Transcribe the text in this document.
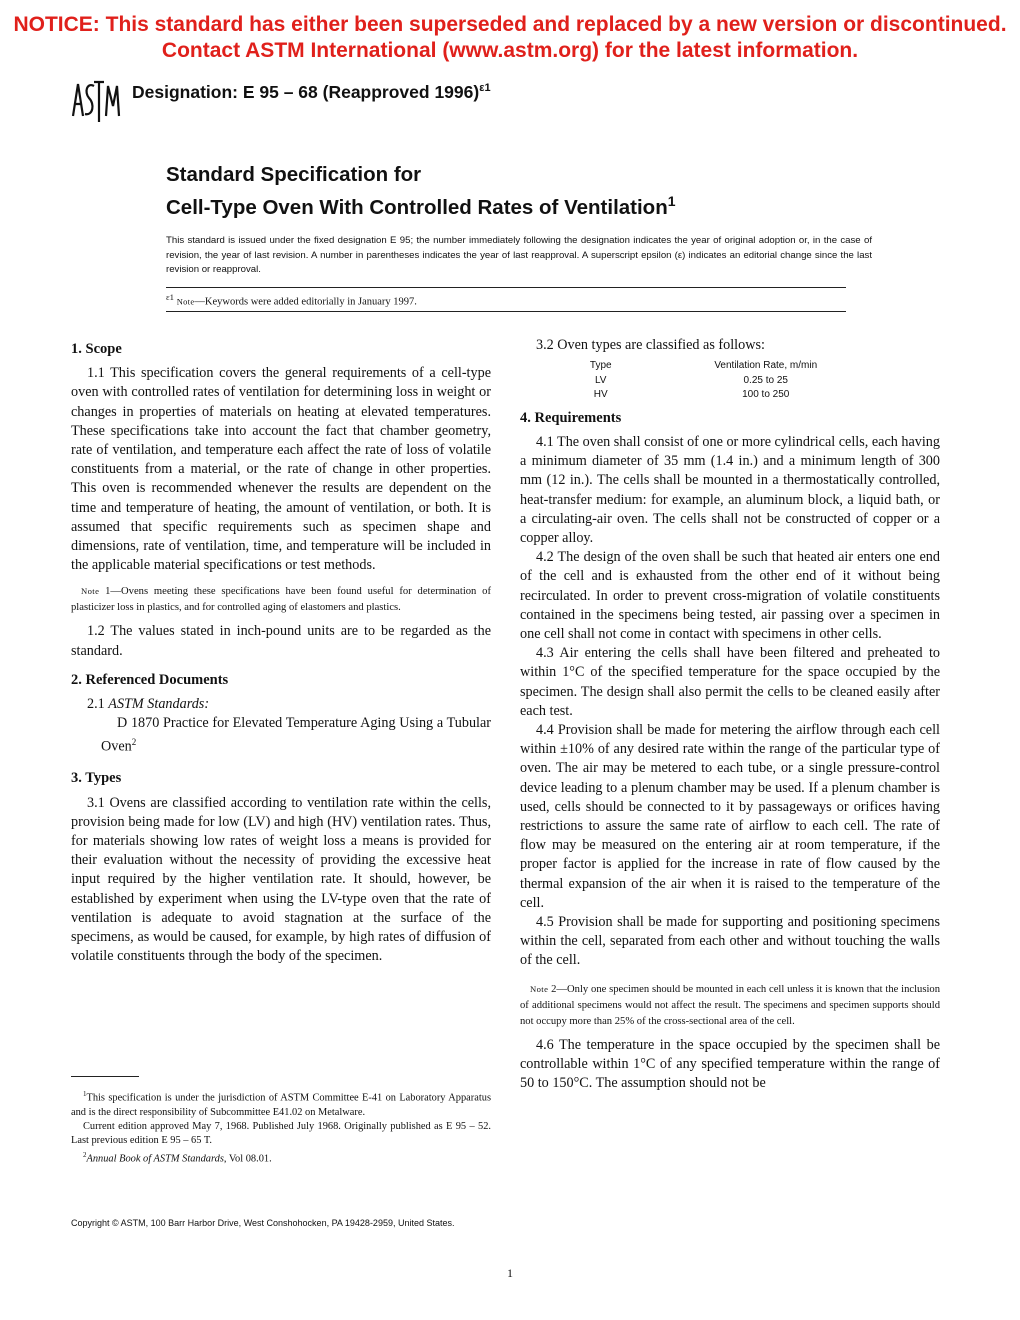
NOTICE: This standard has either been superseded and replaced by a new version or discontinued.
Contact ASTM International (www.astm.org) for the latest information.
Designation: E 95 – 68 (Reapproved 1996)$^{\varepsilon 1}$
Standard Specification for
Cell-Type Oven With Controlled Rates of Ventilation$^1$
This standard is issued under the fixed designation E 95; the number immediately following the designation indicates the year of original adoption or, in the case of revision, the year of last revision. A number in parentheses indicates the year of last reapproval. A superscript epsilon (ε) indicates an editorial change since the last revision or reapproval.
$^{\varepsilon 1}$ Note—Keywords were added editorially in January 1997.
1. Scope

1.1 This specification covers the general requirements of a cell-type oven with controlled rates of ventilation for determining loss in weight or changes in properties of materials on heating at elevated temperatures. These specifications take into account the fact that chamber geometry, rate of ventilation, and temperature each affect the rate of loss of volatile constituents from a material, or the rate of change in other properties. This oven is recommended whenever the results are dependent on the time and temperature of heating, the amount of ventilation, or both. It is assumed that specific requirements such as specimen shape and dimensions, rate of ventilation, time, and temperature will be included in the applicable material specifications or test methods.

Note 1—Ovens meeting these specifications have been found useful for determination of plasticizer loss in plastics, and for controlled aging of elastomers and plastics.

1.2 The values stated in inch-pound units are to be regarded as the standard.

2. Referenced Documents

2.1 ASTM Standards:

D 1870 Practice for Elevated Temperature Aging Using a Tubular Oven$^2$

3. Types

3.1 Ovens are classified according to ventilation rate within the cells, provision being made for low (LV) and high (HV) ventilation rates. Thus, for materials showing low rates of weight loss a means is provided for their evaluation without the necessity of providing the excessive heat input required by the higher ventilation rate. It should, however, be established by experiment when using the LV-type oven that the rate of ventilation is adequate to avoid stagnation at the surface of the specimens, as would be caused, for example, by high rates of diffusion of volatile constituents through the body of the specimen.

$^1$This specification is under the jurisdiction of ASTM Committee E-41 on Laboratory Apparatus and is the direct responsibility of Subcommittee E41.02 on Metalware.

Current edition approved May 7, 1968. Published July 1968. Originally published as E 95 – 52. Last previous edition E 95 – 65 T.

$^2$Annual Book of ASTM Standards, Vol 08.01.

3.2 Oven types are classified as follows:

Type	Ventilation Rate, m/min
LV	0.25 to 25
HV	100 to 250
4. Requirements

4.1 The oven shall consist of one or more cylindrical cells, each having a minimum diameter of 35 mm (1.4 in.) and a minimum length of 300 mm (12 in.). The cells shall be mounted in a thermostatically controlled, heat-transfer medium: for example, an aluminum block, a liquid bath, or a circulating-air oven. The cells shall not be constructed of copper or a copper alloy.

4.2 The design of the oven shall be such that heated air enters one end of the cell and is exhausted from the other end of it without being recirculated. In order to prevent cross-migration of volatile constituents contained in the specimens being tested, air passing over a specimen in one cell shall not come in contact with specimens in other cells.

4.3 Air entering the cells shall have been filtered and preheated to within 1°C of the specified temperature for the space occupied by the specimen. The design shall also permit the cells to be cleaned easily after each test.

4.4 Provision shall be made for metering the airflow through each cell within ±10% of any desired rate within the range of the particular type of oven. The air may be metered to each tube, or a single pressure-control device leading to a plenum chamber may be used. If a plenum chamber is used, cells should be connected to it by passageways or orifices having restrictions to assure the same rate of airflow to each cell. The rate of flow may be measured on the entering air at room temperature, if the proper factor is applied for the increase in rate of flow caused by the thermal expansion of the air when it is raised to the temperature of the cell.

4.5 Provision shall be made for supporting and positioning specimens within the cell, separated from each other and without touching the walls of the cell.

Note 2—Only one specimen should be mounted in each cell unless it is known that the inclusion of additional specimens would not affect the result. The specimens and specimen supports should not occupy more than 25% of the cross-sectional area of the cell.

4.6 The temperature in the space occupied by the specimen shall be controllable within 1°C of any specified temperature within the range of 50 to 150°C. The assumption should not be

Copyright © ASTM, 100 Barr Harbor Drive, West Conshohocken, PA 19428-2959, United States.
1
